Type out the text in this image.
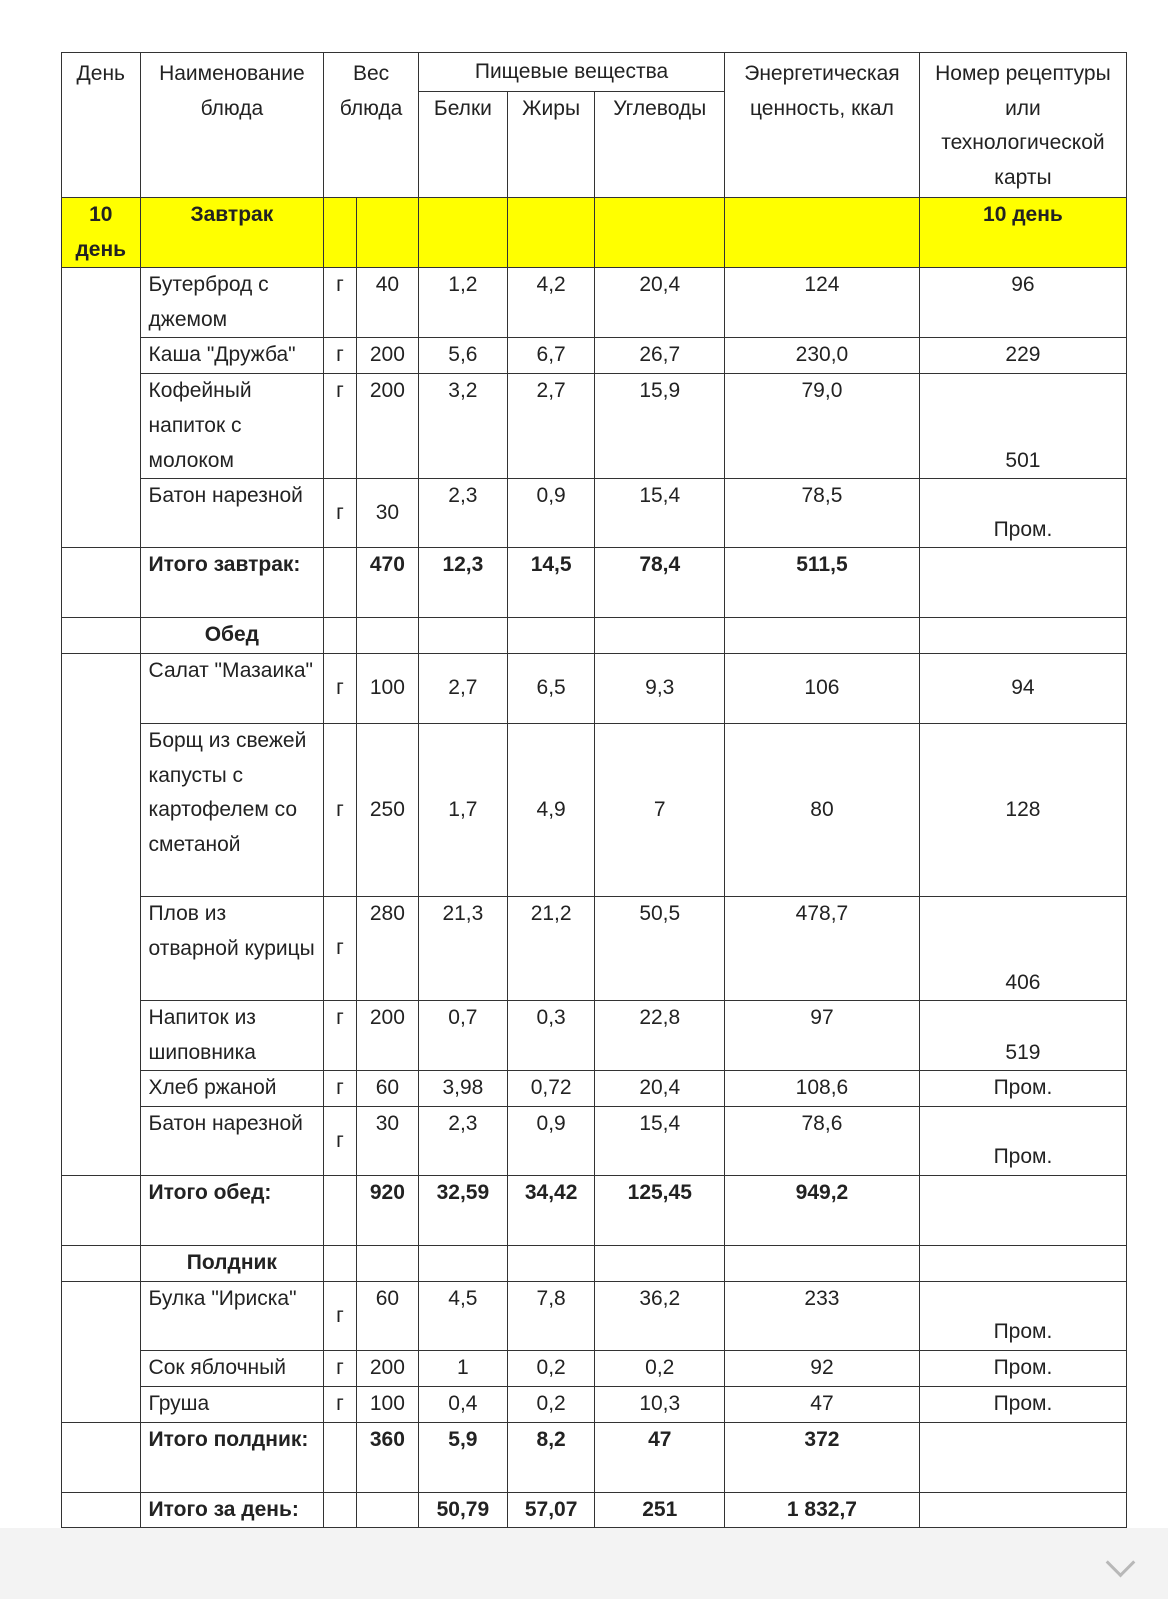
День	Наименование блюда	Вес блюда		Пищевые вещества			Энергетическая ценность, ккал	Номер рецептуры или технологической карты
				Белки	Жиры	Углеводы		
10 день	Завтрак							10 день
	Бутерброд с джемом	г	40	1,2	4,2	20,4	124	96
	Каша "Дружба"	г	200	5,6	6,7	26,7	230,0	229
	Кофейный напиток с молоком	г	200	3,2	2,7	15,9	79,0	501
	Батон нарезной	г	30	2,3	0,9	15,4	78,5	Пром.
	Итого завтрак:		470	12,3	14,5	78,4	511,5	
	Обед							
	Салат "Мазаика"	г	100	2,7	6,5	9,3	106	94
	Борщ из свежей капусты с картофелем со сметаной	г	250	1,7	4,9	7	80	128
	Плов из отварной курицы	г	280	21,3	21,2	50,5	478,7	406
	Напиток из шиповника	г	200	0,7	0,3	22,8	97	519
	Хлеб ржаной	г	60	3,98	0,72	20,4	108,6	Пром.
	Батон нарезной	г	30	2,3	0,9	15,4	78,6	Пром.
	Итого обед:		920	32,59	34,42	125,45	949,2	
	Полдник							
	Булка "Ириска"	г	60	4,5	7,8	36,2	233	Пром.
	Сок яблочный	г	200	1	0,2	0,2	92	Пром.
	Груша	г	100	0,4	0,2	10,3	47	Пром.
	Итого полдник:		360	5,9	8,2	47	372	
	Итого за день:			50,79	57,07	251	1 832,7	
